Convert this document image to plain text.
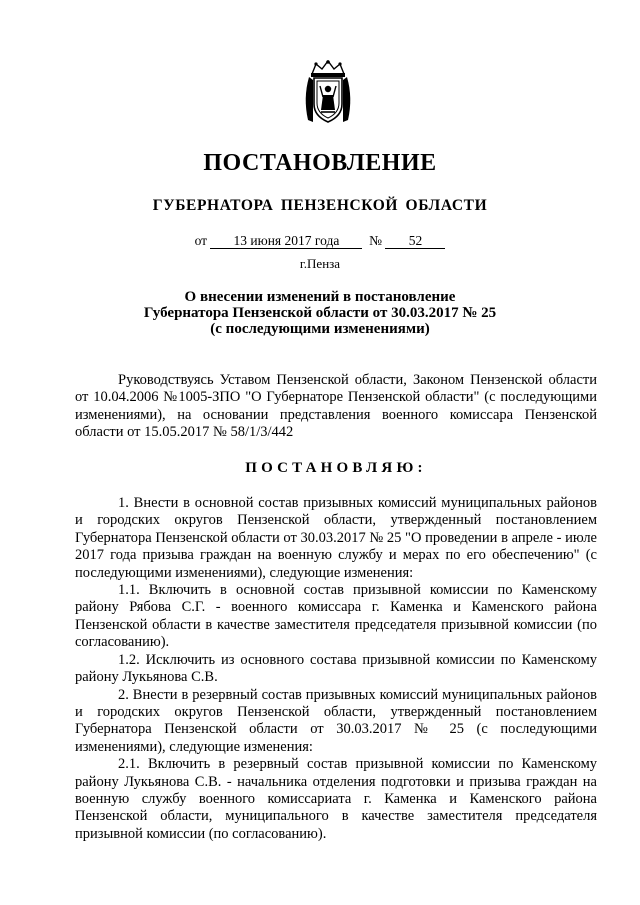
ПОСТАНОВЛЕНИЕ
ГУБЕРНАТОРА ПЕНЗЕНСКОЙ ОБЛАСТИ
от 13 июня 2017 года № 52
г.Пенза
О внесении изменений в постановление
Губернатора Пензенской области от 30.03.2017 № 25
(с последующими изменениями)

Руководствуясь Уставом Пензенской области, Законом Пензенской области от 10.04.2006 №1005-ЗПО "О Губернаторе Пензенской области" (с последующими изменениями), на основании представления военного комиссара Пензенской области от 15.05.2017 № 58/1/3/442

ПОСТАНОВЛЯЮ:

1. Внести в основной состав призывных комиссий муниципальных районов и городских округов Пензенской области, утвержденный постановлением Губернатора Пензенской области от 30.03.2017 № 25 "О проведении в апреле - июле 2017 года призыва граждан на военную службу и мерах по его обеспечению" (с последующими изменениями), следующие изменения:

1.1. Включить в основной состав призывной комиссии по Каменскому району Рябова С.Г. - военного комиссара г. Каменка и Каменского района Пензенской области в качестве заместителя председателя призывной комиссии (по согласованию).

1.2. Исключить из основного состава призывной комиссии по Каменскому району Лукьянова С.В.

2. Внести в резервный состав призывных комиссий муниципальных районов и городских округов Пензенской области, утвержденный постановлением Губернатора Пензенской области от 30.03.2017 № 25 (с последующими изменениями), следующие изменения:

2.1. Включить в резервный состав призывной комиссии по Каменскому району Лукьянова С.В. - начальника отделения подготовки и призыва граждан на военную службу военного комиссариата г. Каменка и Каменского района Пензенской области, муниципального в качестве заместителя председателя призывной комиссии (по согласованию).
